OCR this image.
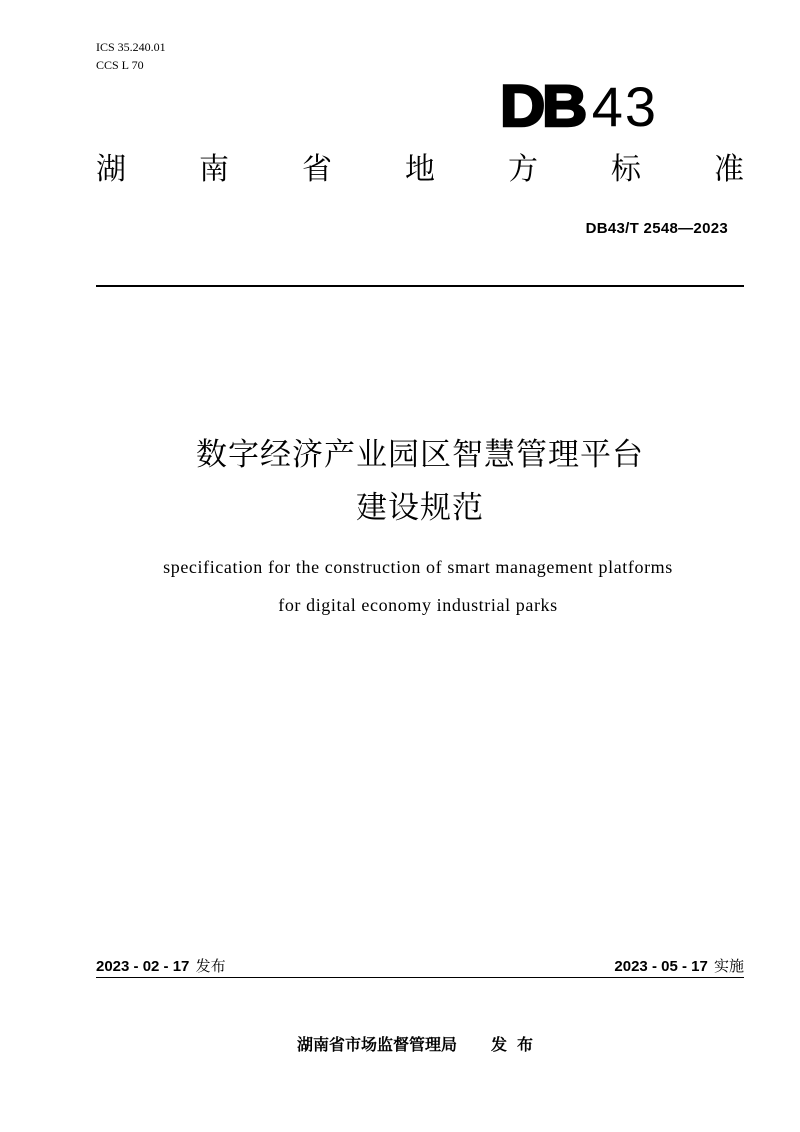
ICS 35.240.01
CCS L 70
DB 43
湖 南 省 地 方 标 准
DB43/T 2548—2023
数字经济产业园区智慧管理平台
建设规范
specification for the construction of smart management platforms
for digital economy industrial parks
2023 - 02 - 17 发布	2023 - 05 - 17 实施
湖南省市场监督管理局 发布
